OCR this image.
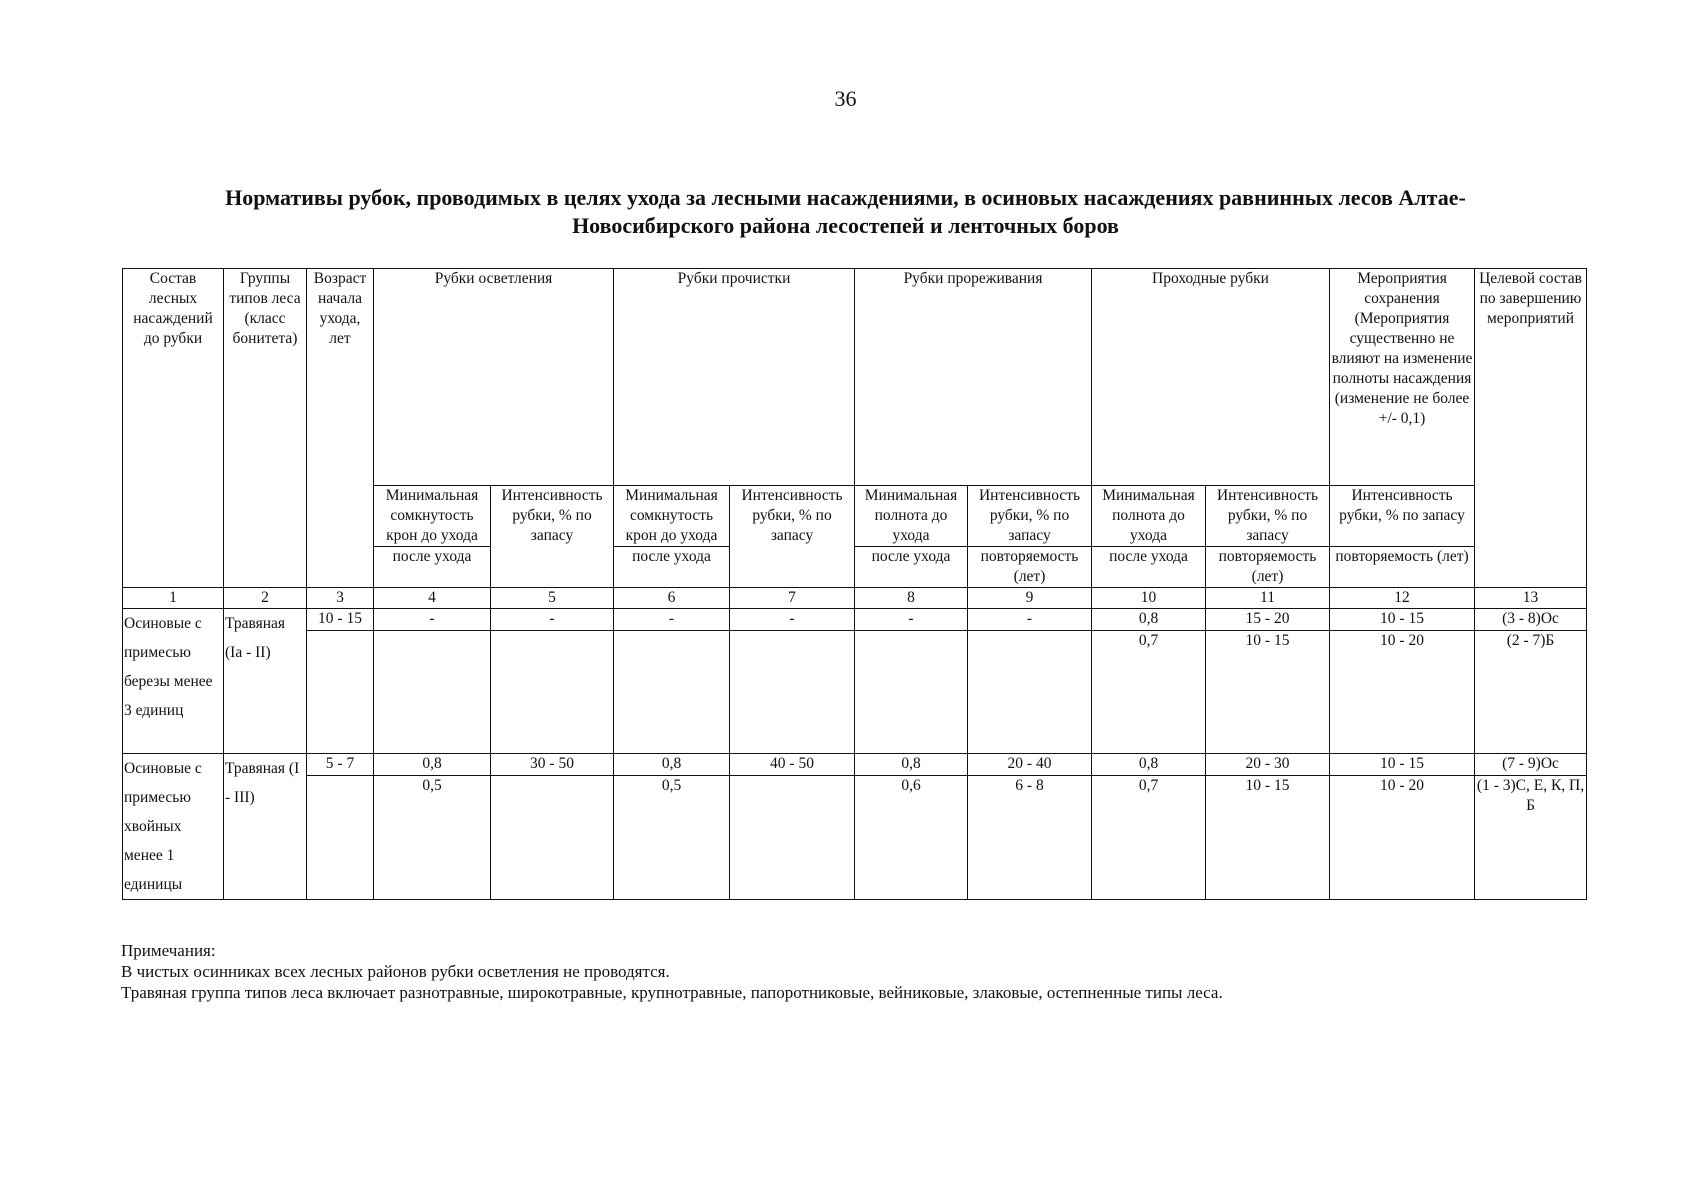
36
Нормативы рубок, проводимых в целях ухода за лесными насаждениями, в осиновых насаждениях равнинных лесов Алтае-
Новосибирского района лесостепей и ленточных боров
Состав лесных насаждений до рубки	Группы типов леса (класс бонитета)	Возраст начала ухода, лет	Рубки осветления		Рубки прочистки		Рубки прореживания		Проходные рубки		Мероприятия сохранения (Мероприятия существенно не влияют на изменение полноты насаждения (изменение не более +/- 0,1)	Целевой состав по завершению мероприятий
			Минимальная сомкнутость крон до ухода	Интенсивность рубки, % по запасу	Минимальная сомкнутость крон до ухода	Интенсивность рубки, % по запасу	Минимальная полнота до ухода	Интенсивность рубки, % по запасу	Минимальная полнота до ухода	Интенсивность рубки, % по запасу	Интенсивность рубки, % по запасу	
			после ухода		после ухода		после ухода	повторяемость (лет)	после ухода	повторяемость (лет)	повторяемость (лет)	
1	2	3	4	5	6	7	8	9	10	11	12	13
Осиновые с примесью березы менее 3 единиц	Травяная (Ia - II)	10 - 15	-	-	-	-	-	-	0,8	15 - 20	10 - 15	(3 - 8)Ос
									0,7	10 - 15	10 - 20	(2 - 7)Б
Осиновые с примесью хвойных менее 1 единицы	Травяная (I - III)	5 - 7	0,8	30 - 50	0,8	40 - 50	0,8	20 - 40	0,8	20 - 30	10 - 15	(7 - 9)Ос
			0,5		0,5		0,6	6 - 8	0,7	10 - 15	10 - 20	(1 - 3)С, Е, К, П, Б
Примечания:
В чистых осинниках всех лесных районов рубки осветления не проводятся.
Травяная группа типов леса включает разнотравные, широкотравные, крупнотравные, папоротниковые, вейниковые, злаковые, остепненные типы леса.
